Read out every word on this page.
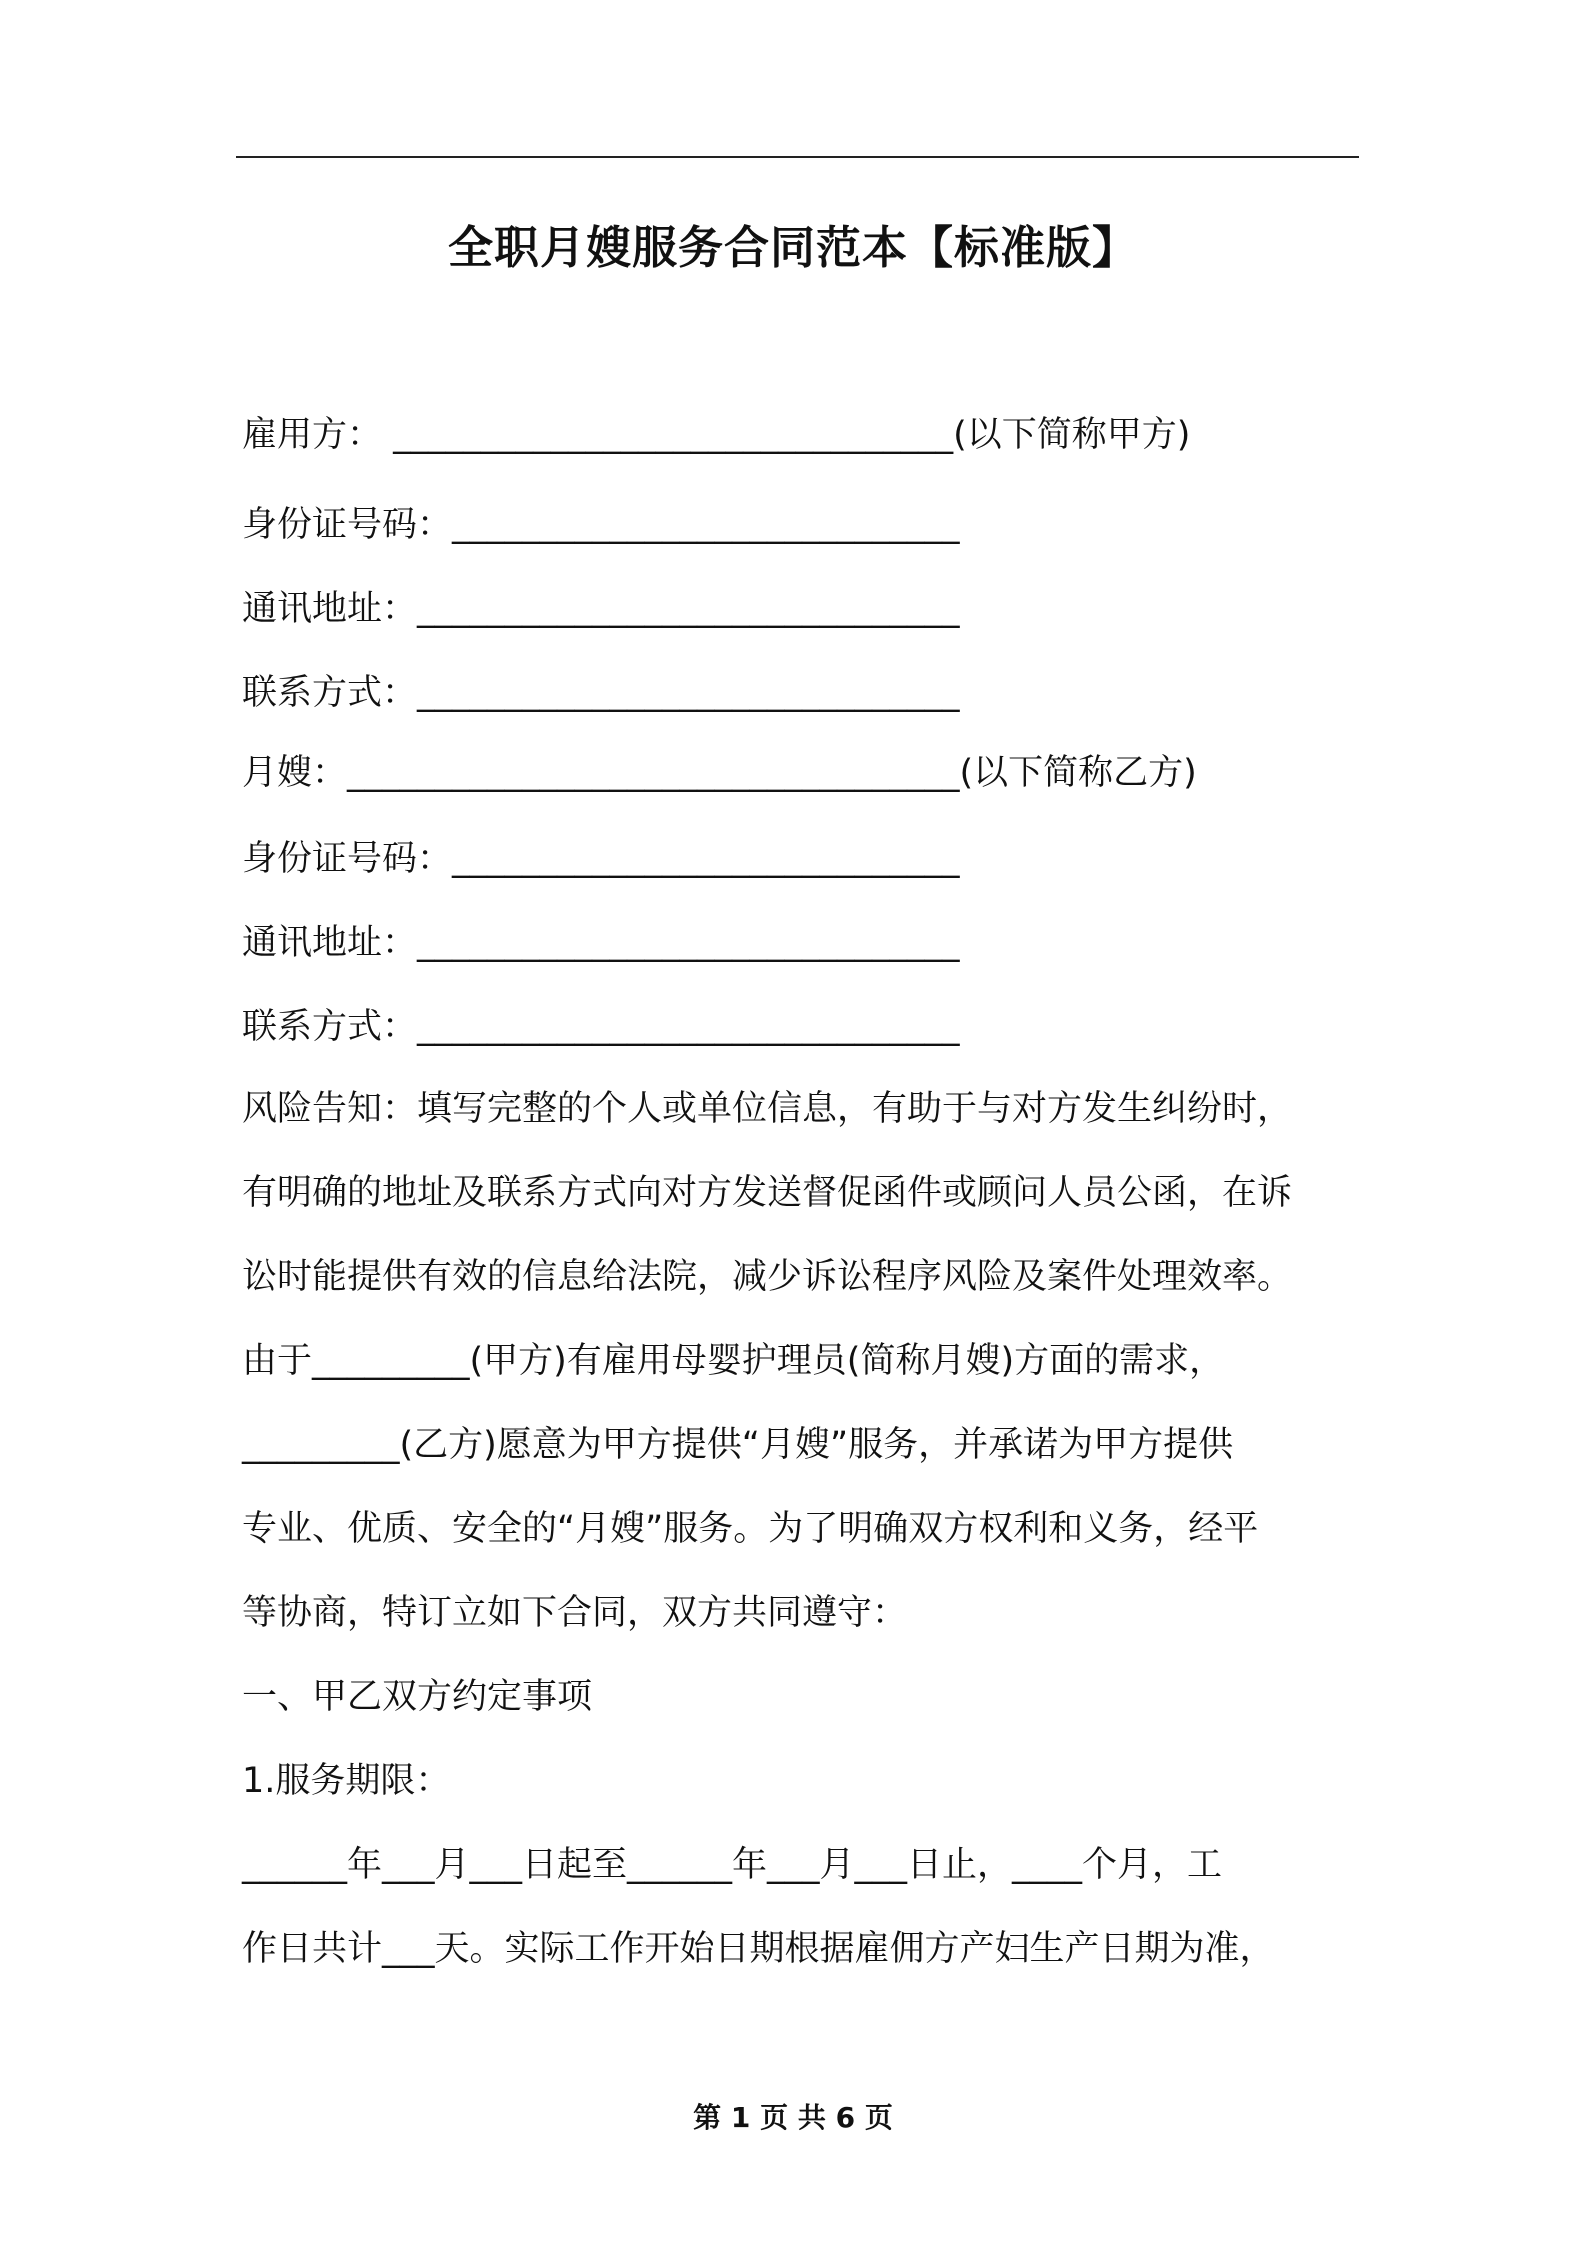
全职月嫂服务合同范本【标准版】
雇用方： ________________________________(以下简称甲方)
身份证号码：_____________________________
通讯地址：_______________________________
联系方式：_______________________________
月嫂：___________________________________(以下简称乙方)
身份证号码：_____________________________
通讯地址：_______________________________
联系方式：_______________________________
风险告知：填写完整的个人或单位信息，有助于与对方发生纠纷时，
有明确的地址及联系方式向对方发送督促函件或顾问人员公函，在诉
讼时能提供有效的信息给法院，减少诉讼程序风险及案件处理效率。
由于_________(甲方)有雇用母婴护理员(简称月嫂)方面的需求，
_________(乙方)愿意为甲方提供“月嫂”服务，并承诺为甲方提供
专业、优质、安全的“月嫂”服务。为了明确双方权利和义务，经平
等协商，特订立如下合同，双方共同遵守：
一、甲乙双方约定事项
1.服务期限：
______年___月___日起至______年___月___日止，____个月，工
作日共计___天。实际工作开始日期根据雇佣方产妇生产日期为准，
第 1 页 共 6 页
